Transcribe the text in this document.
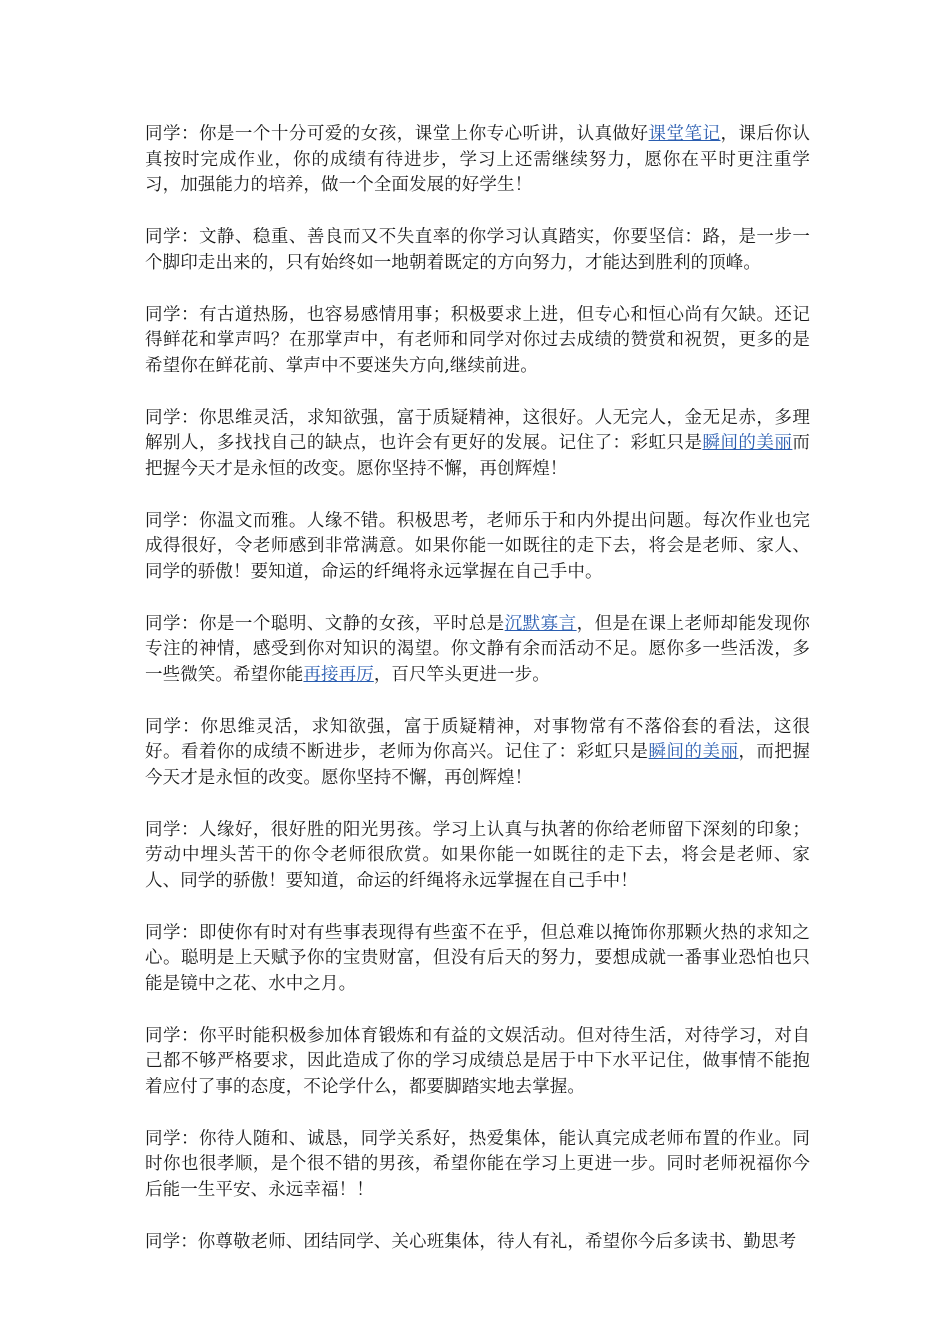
同学：你是一个十分可爱的女孩，课堂上你专心听讲，认真做好课堂笔记，课后你认真按时完成作业，你的成绩有待进步，学习上还需继续努力，愿你在平时更注重学习，加强能力的培养，做一个全面发展的好学生！

同学：文静、稳重、善良而又不失直率的你学习认真踏实，你要坚信：路，是一步一个脚印走出来的，只有始终如一地朝着既定的方向努力，才能达到胜利的顶峰。

同学：有古道热肠，也容易感情用事；积极要求上进，但专心和恒心尚有欠缺。还记得鲜花和掌声吗？在那掌声中，有老师和同学对你过去成绩的赞赏和祝贺，更多的是希望你在鲜花前、掌声中不要迷失方向,继续前进。

同学：你思维灵活，求知欲强，富于质疑精神，这很好。人无完人，金无足赤，多理解别人，多找找自己的缺点，也许会有更好的发展。记住了：彩虹只是瞬间的美丽而把握今天才是永恒的改变。愿你坚持不懈，再创辉煌！

同学：你温文而雅。人缘不错。积极思考，老师乐于和内外提出问题。每次作业也完成得很好，令老师感到非常满意。如果你能一如既往的走下去，将会是老师、家人、同学的骄傲！要知道，命运的纤绳将永远掌握在自己手中。

同学：你是一个聪明、文静的女孩，平时总是沉默寡言，但是在课上老师却能发现你专注的神情，感受到你对知识的渴望。你文静有余而活动不足。愿你多一些活泼，多一些微笑。希望你能再接再厉，百尺竿头更进一步。

同学：你思维灵活，求知欲强，富于质疑精神，对事物常有不落俗套的看法，这很好。看着你的成绩不断进步，老师为你高兴。记住了：彩虹只是瞬间的美丽，而把握今天才是永恒的改变。愿你坚持不懈，再创辉煌！

同学：人缘好，很好胜的阳光男孩。学习上认真与执著的你给老师留下深刻的印象；劳动中埋头苦干的你令老师很欣赏。如果你能一如既往的走下去，将会是老师、家人、同学的骄傲！要知道，命运的纤绳将永远掌握在自己手中！

同学：即使你有时对有些事表现得有些蛮不在乎，但总难以掩饰你那颗火热的求知之心。聪明是上天赋予你的宝贵财富，但没有后天的努力，要想成就一番事业恐怕也只能是镜中之花、水中之月。

同学：你平时能积极参加体育锻炼和有益的文娱活动。但对待生活，对待学习，对自己都不够严格要求，因此造成了你的学习成绩总是居于中下水平记住，做事情不能抱着应付了事的态度，不论学什么，都要脚踏实地去掌握。

同学：你待人随和、诚恳，同学关系好，热爱集体，能认真完成老师布置的作业。同时你也很孝顺，是个很不错的男孩，希望你能在学习上更进一步。同时老师祝福你今后能一生平安、永远幸福！！

同学：你尊敬老师、团结同学、关心班集体，待人有礼，希望你今后多读书、勤思考
